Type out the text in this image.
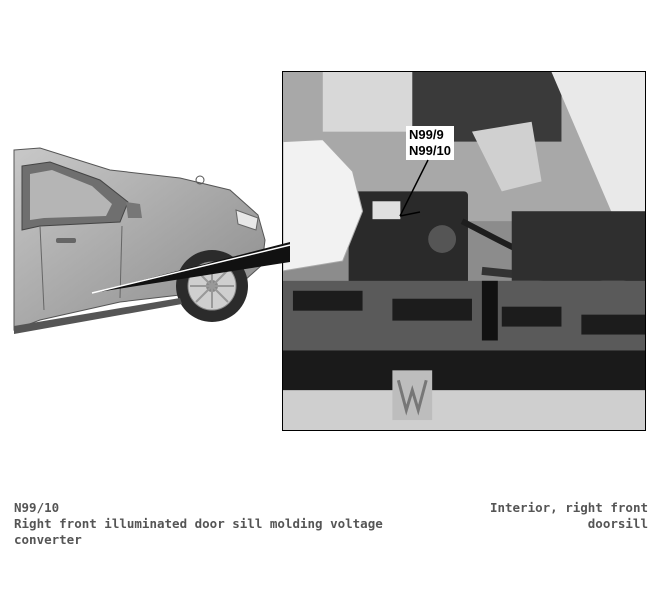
N99/9
N99/10
N99/10
Right front illuminated door sill molding voltage converter
Interior, right front doorsill
